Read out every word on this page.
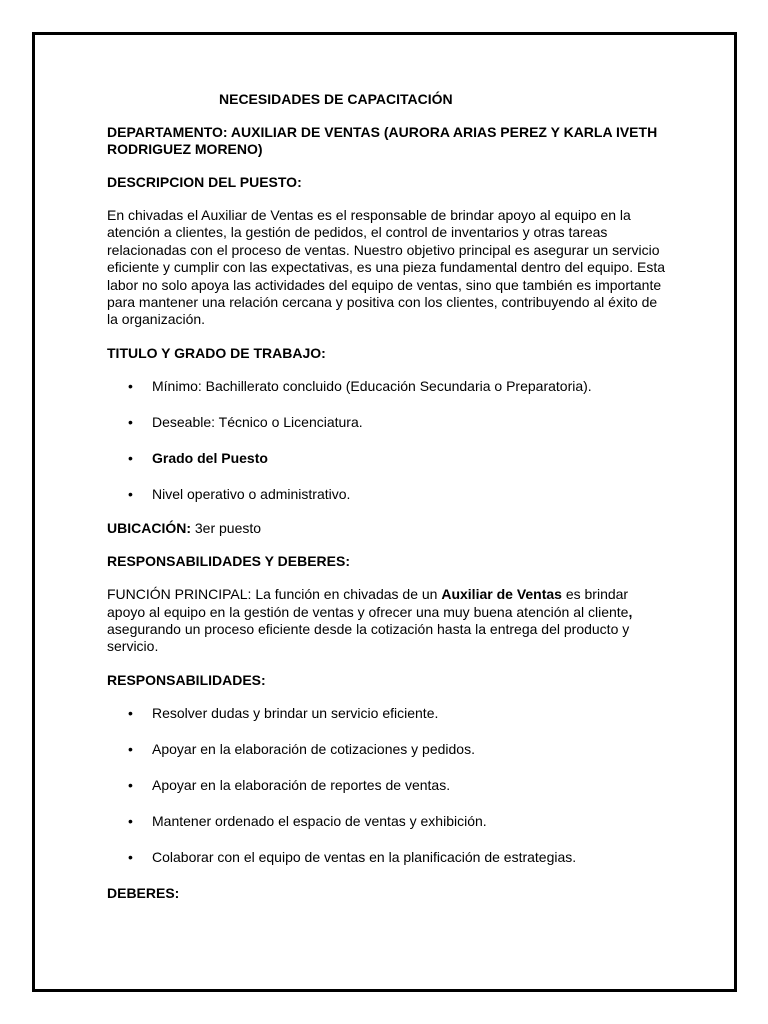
NECESIDADES DE CAPACITACIÓN
DEPARTAMENTO: AUXILIAR DE VENTAS (AURORA ARIAS PEREZ Y KARLA IVETH RODRIGUEZ MORENO)
DESCRIPCION DEL PUESTO:
En chivadas el Auxiliar de Ventas es el responsable de brindar apoyo al equipo en la atención a clientes, la gestión de pedidos, el control de inventarios y otras tareas relacionadas con el proceso de ventas. Nuestro objetivo principal es asegurar un servicio eficiente y cumplir con las expectativas, es una pieza fundamental dentro del equipo. Esta labor no solo apoya las actividades del equipo de ventas, sino que también es importante para mantener una relación cercana y positiva con los clientes, contribuyendo al éxito de la organización.
TITULO Y GRADO DE TRABAJO:
• Mínimo: Bachillerato concluido (Educación Secundaria o Preparatoria).
• Deseable: Técnico o Licenciatura.
• Grado del Puesto
• Nivel operativo o administrativo.
UBICACIÓN: 3er puesto
RESPONSABILIDADES Y DEBERES:
FUNCIÓN PRINCIPAL: La función en chivadas de un Auxiliar de Ventas es brindar apoyo al equipo en la gestión de ventas y ofrecer una muy buena atención al cliente, asegurando un proceso eficiente desde la cotización hasta la entrega del producto y servicio.
RESPONSABILIDADES:
• Resolver dudas y brindar un servicio eficiente.
• Apoyar en la elaboración de cotizaciones y pedidos.
• Apoyar en la elaboración de reportes de ventas.
• Mantener ordenado el espacio de ventas y exhibición.
• Colaborar con el equipo de ventas en la planificación de estrategias.
DEBERES:
